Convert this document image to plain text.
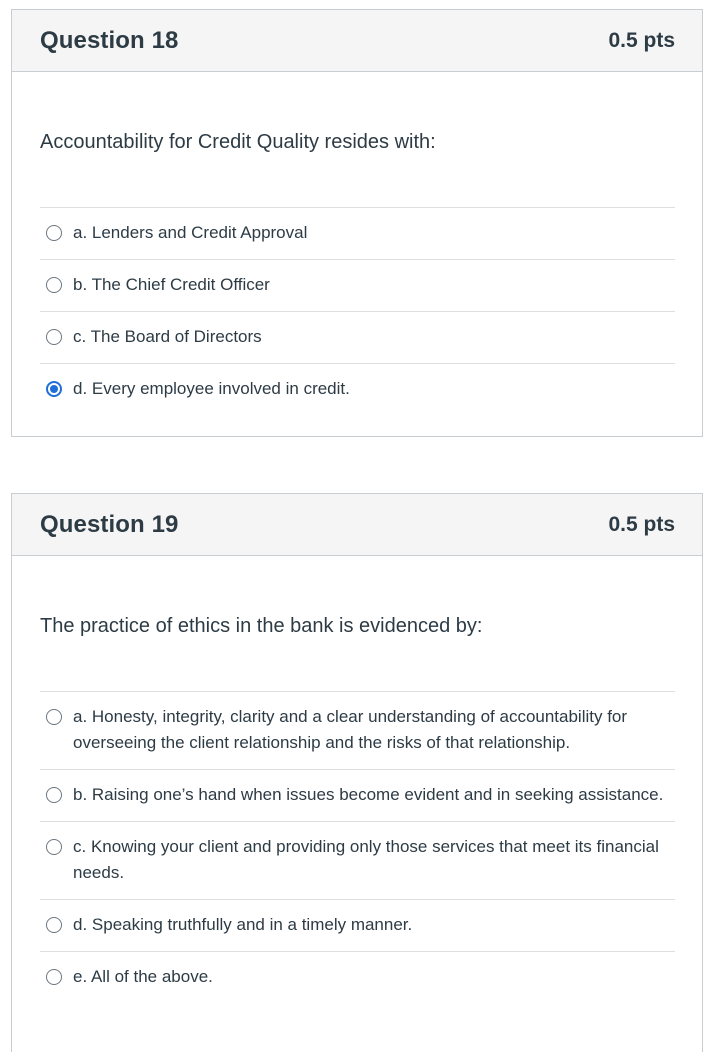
Question 18	0.5 pts

Accountability for Credit Quality resides with:

a. Lenders and Credit Approval
b. The Chief Credit Officer
c. The Board of Directors
d. Every employee involved in credit.
Question 19	0.5 pts

The practice of ethics in the bank is evidenced by:

a. Honesty, integrity, clarity and a clear understanding of accountability for overseeing the client relationship and the risks of that relationship.
b. Raising one’s hand when issues become evident and in seeking assistance.
c. Knowing your client and providing only those services that meet its financial needs.
d. Speaking truthfully and in a timely manner.
e. All of the above.
